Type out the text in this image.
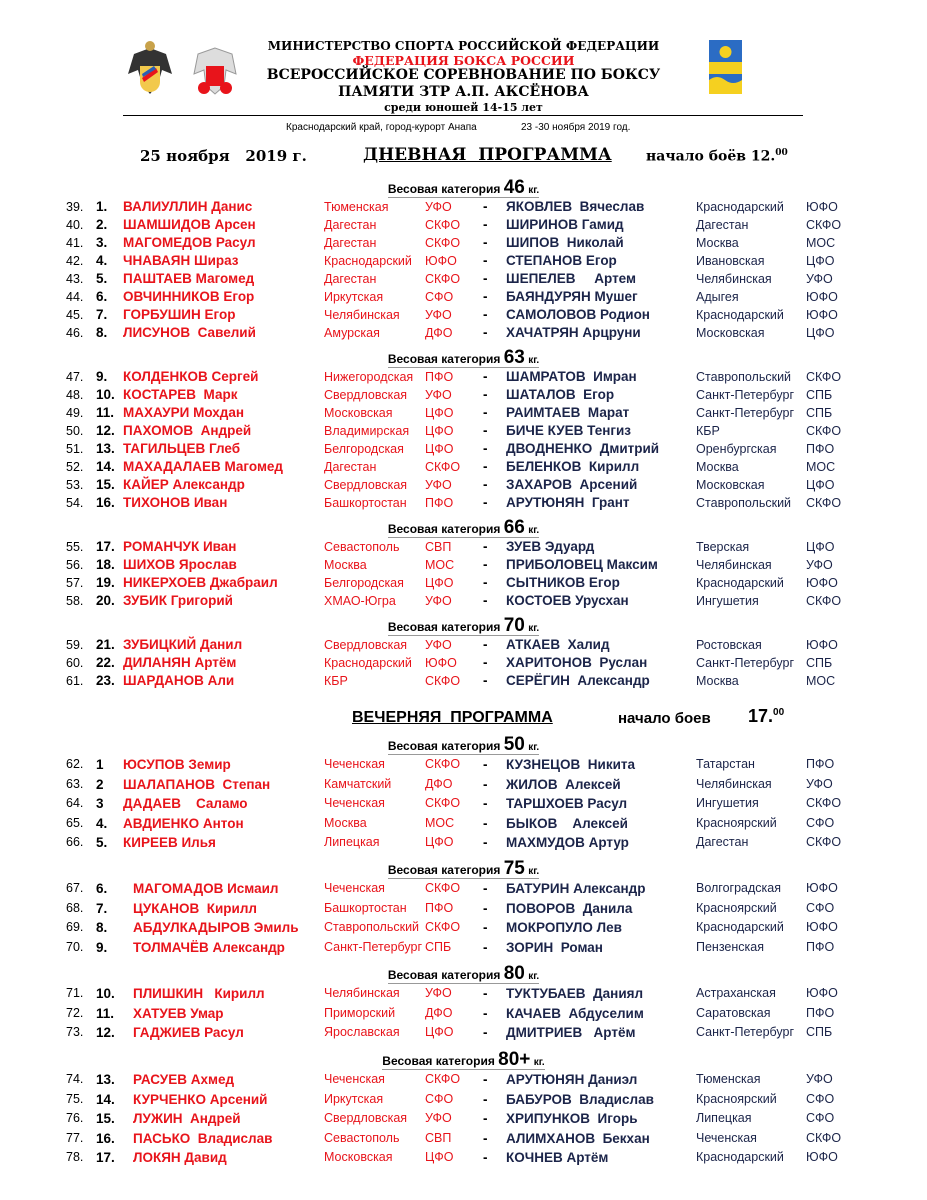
МИНИСТЕРСТВО СПОРТА РОССИЙСКОЙ ФЕДЕРАЦИИ
ФЕДЕРАЦИЯ БОКСА РОССИИ
ВСЕРОССИЙСКОЕ СОРЕВНОВАНИЕ ПО БОКСУ
ПАМЯТИ ЗТР А.П. АКСЁНОВА
среди юношей 14-15 лет
Краснодарский край, город-курорт Анапа	23 -30 ноября 2019 год.
25 ноября   2019 г.	ДНЕВНАЯ  ПРОГРАММА начало боёв 12.00
ВЕЧЕРНЯЯ  ПРОГРАММА	начало боев 17.00
Весовая категория 46 кг.
39. 1.	ВАЛИУЛЛИН Данис	Тюменская	УФО - ЯКОВЛЕВ  Вячеслав	Краснодарский ЮФО
40. 2.	ШАМШИДОВ Арсен	Дагестан	СКФО - ШИРИНОВ Гамид	Дагестан	СКФО
41. 3.	МАГОМЕДОВ Расул	Дагестан	СКФО - ШИПОВ  Николай	Москва	МОС
42. 4.	ЧНАВАЯН Шираз	Краснодарский ЮФО - СТЕПАНОВ Егор	Ивановская	ЦФО
43. 5.	ПАШТАЕВ Магомед	Дагестан	СКФО - ШЕПЕЛЕВ     Артем	Челябинская	УФО
44. 6.	ОВЧИННИКОВ Егор	Иркутская	СФО - БАЯНДУРЯН Мушег	Адыгея	ЮФО
45. 7.	ГОРБУШИН Егор	Челябинская УФО - САМОЛОВОВ Родион	Краснодарский ЮФО
46. 8.	ЛИСУНОВ  Савелий	Амурская	ДФО - ХАЧАТРЯН Арцруни	Московская	ЦФО
Весовая категория 63 кг.
47. 9.	КОЛДЕНКОВ Сергей	Нижегородская ПФО - ШАМРАТОВ  Имран	Ставропольский СКФО
48. 10. КОСТАРЕВ  Марк	Свердловская УФО - ШАТАЛОВ  Егор	Санкт-Петербург СПБ
49. 11. МАХАУРИ Мохдан	Московская	ЦФО - РАИМТАЕВ  Марат	Санкт-Петербург СПБ
50. 12. ПАХОМОВ  Андрей	Владимирская ЦФО - БИЧЕ КУЕВ Тенгиз	КБР	СКФО
51. 13. ТАГИЛЬЦЕВ Глеб	Белгородская ЦФО - ДВОДНЕНКО  Дмитрий	Оренбургская ПФО
52. 14. МАХАДАЛАЕВ Магомед	Дагестан	СКФО - БЕЛЕНКОВ  Кирилл	Москва	МОС
53. 15. КАЙЕР Александр	Свердловская УФО - ЗАХАРОВ  Арсений	Московская	ЦФО
54. 16. ТИХОНОВ Иван	Башкортостан ПФО - АРУТЮНЯН  Грант	Ставропольский СКФО
Весовая категория 66 кг.
55. 17. РОМАНЧУК Иван	Севастополь СВП - ЗУЕВ Эдуард	Тверская	ЦФО
56. 18. ШИХОВ Ярослав	Москва	МОС - ПРИБОЛОВЕЦ Максим	Челябинская	УФО
57. 19. НИКЕРХОЕВ Джабраил	Белгородская ЦФО - СЫТНИКОВ Егор	Краснодарский ЮФО
58. 20. ЗУБИК Григорий	ХМАО-Югра УФО - КОСТОЕВ Урусхан	Ингушетия	СКФО
Весовая категория 70 кг.
59. 21. ЗУБИЦКИЙ Данил	Свердловская УФО - АТКАЕВ  Халид	Ростовская	ЮФО
60. 22. ДИЛАНЯН Артём	Краснодарский ЮФО - ХАРИТОНОВ  Руслан	Санкт-Петербург СПБ
61. 23. ШАРДАНОВ Али	КБР	СКФО - СЕРЁГИН  Александр	Москва	МОС
Весовая категория 50 кг.
62. 1	ЮСУПОВ Земир	Чеченская	СКФО - КУЗНЕЦОВ  Никита	Татарстан	ПФО
63. 2	ШАЛАПАНОВ  Степан	Камчатский	ДФО - ЖИЛОВ  Алексей	Челябинская	УФО
64. 3	ДАДАЕВ    Саламо	Чеченская	СКФО - ТАРШХОЕВ Расул	Ингушетия	СКФО
65. 4.	АВДИЕНКО Антон	Москва	МОС - БЫКОВ    Алексей	Красноярский СФО
66. 5.	КИРЕЕВ Илья	Липецкая	ЦФО - МАХМУДОВ Артур	Дагестан	СКФО
Весовая категория 75 кг.
67. 6.	МАГОМАДОВ Исмаил	Чеченская	СКФО - БАТУРИН Александр	Волгоградская ЮФО
68. 7.	ЦУКАНОВ  Кирилл	Башкортостан ПФО - ПОВОРОВ  Данила	Красноярский СФО
69. 8.	АБДУЛКАДЫРОВ Эмиль Ставропольский СКФО - МОКРОПУЛО Лев	Краснодарский ЮФО
70. 9.	ТОЛМАЧЁВ Александр	Санкт-Петербург СПБ - ЗОРИН  Роман	Пензенская	ПФО
Весовая категория 80 кг.
71. 10. ПЛИШКИН   Кирилл	Челябинская УФО - ТУКТУБАЕВ  Даниял	Астраханская ЮФО
72. 11. ХАТУЕВ Умар	Приморский ДФО - КАЧАЕВ  Абдуселим	Саратовская	ПФО
73. 12. ГАДЖИЕВ Расул	Ярославская ЦФО - ДМИТРИЕВ   Артём	Санкт-Петербург СПБ
Весовая категория 80+ кг.
74. 13. РАСУЕВ Ахмед	Чеченская	СКФО - АРУТЮНЯН Даниэл	Тюменская	УФО
75. 14. КУРЧЕНКО Арсений	Иркутская	СФО - БАБУРОВ  Владислав	Красноярский СФО
76. 15. ЛУЖИН  Андрей	Свердловская УФО - ХРИПУНКОВ  Игорь	Липецкая	СФО
77. 16. ПАСЬКО  Владислав	Севастополь СВП - АЛИМХАНОВ  Бекхан	Чеченская	СКФО
78. 17. ЛОКЯН Давид	Московская	ЦФО - КОЧНЕВ Артём	Краснодарский ЮФО
